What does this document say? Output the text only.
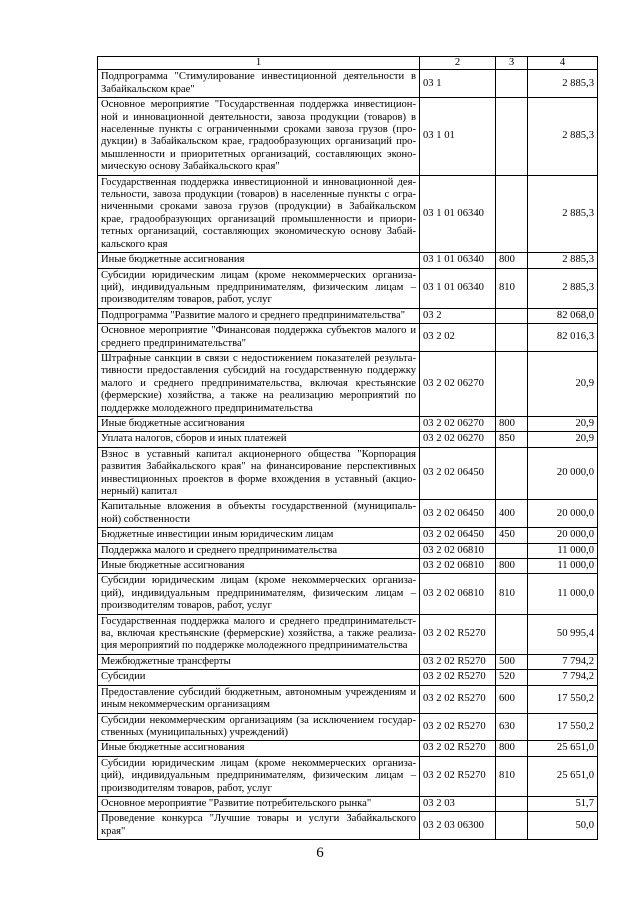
1	2	3	4
Подпрограмма "Стимулирование инвестиционной деятельности в Забайкальском крае"	03 1		2 885,3
Основное мероприятие "Государственная поддержка инвестицион-ной и инновационной деятельности, завоза продукции (товаров) в населенные пункты с ограниченными сроками завоза грузов (про-дукции) в Забайкальском крае, градообразующих организаций про-мышленности и приоритетных организаций, составляющих эконо-мическую основу Забайкальского края"	03 1 01		2 885,3
Государственная поддержка инвестиционной и инновационной дея-тельности, завоза продукции (товаров) в населенные пункты с огра-ниченными сроками завоза грузов (продукции) в Забайкальском крае, градообразующих организаций промышленности и приори-тетных организаций, составляющих экономическую основу Забай-кальского края	03 1 01 06340		2 885,3
Иные бюджетные ассигнования	03 1 01 06340	800	2 885,3
Субсидии юридическим лицам (кроме некоммерческих организа-ций), индивидуальным предпринимателям, физическим лицам – производителям товаров, работ, услуг	03 1 01 06340	810	2 885,3
Подпрограмма "Развитие малого и среднего предпринимательства"	03 2		82 068,0
Основное мероприятие "Финансовая поддержка субъектов малого и среднего предпринимательства"	03 2 02		82 016,3
Штрафные санкции в связи с недостижением показателей результа-тивности предоставления субсидий на государственную поддержку малого и среднего предпринимательства, включая крестьянские (фермерские) хозяйства, а также на реализацию мероприятий по поддержке молодежного предпринимательства	03 2 02 06270		20,9
Иные бюджетные ассигнования	03 2 02 06270	800	20,9
Уплата налогов, сборов и иных платежей	03 2 02 06270	850	20,9
Взнос в уставный капитал акционерного общества "Корпорация развития Забайкальского края" на финансирование перспективных инвестиционных проектов в форме вхождения в уставный (акцио-нерный) капитал	03 2 02 06450		20 000,0
Капитальные вложения в объекты государственной (муниципаль-ной) собственности	03 2 02 06450	400	20 000,0
Бюджетные инвестиции иным юридическим лицам	03 2 02 06450	450	20 000,0
Поддержка малого и среднего предпринимательства	03 2 02 06810		11 000,0
Иные бюджетные ассигнования	03 2 02 06810	800	11 000,0
Субсидии юридическим лицам (кроме некоммерческих организа-ций), индивидуальным предпринимателям, физическим лицам – производителям товаров, работ, услуг	03 2 02 06810	810	11 000,0
Государственная поддержка малого и среднего предпринимательст-ва, включая крестьянские (фермерские) хозяйства, а также реализа-ция мероприятий по поддержке молодежного предпринимательства	03 2 02 R5270		50 995,4
Межбюджетные трансферты	03 2 02 R5270	500	7 794,2
Субсидии	03 2 02 R5270	520	7 794,2
Предоставление субсидий бюджетным, автономным учреждениям и иным некоммерческим организациям	03 2 02 R5270	600	17 550,2
Субсидии некоммерческим организациям (за исключением государ-ственных (муниципальных) учреждений)	03 2 02 R5270	630	17 550,2
Иные бюджетные ассигнования	03 2 02 R5270	800	25 651,0
Субсидии юридическим лицам (кроме некоммерческих организа-ций), индивидуальным предпринимателям, физическим лицам – производителям товаров, работ, услуг	03 2 02 R5270	810	25 651,0
Основное мероприятие "Развитие потребительского рынка"	03 2 03		51,7
Проведение конкурса "Лучшие товары и услуги Забайкальского края"	03 2 03 06300		50,0
6
